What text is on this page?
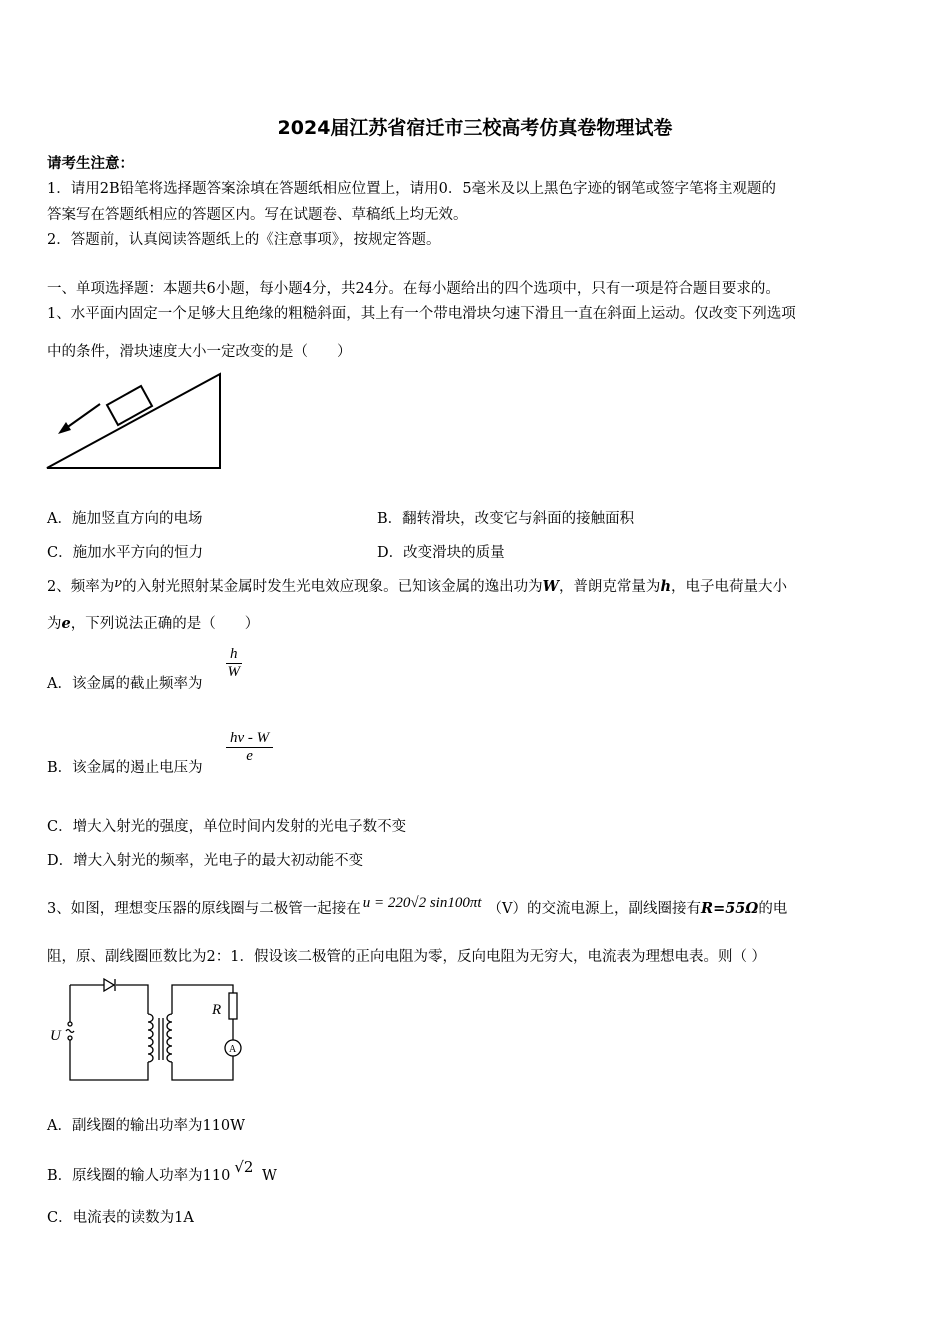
2024届江苏省宿迁市三校高考仿真卷物理试卷
请考生注意：
1．请用2B铅笔将选择题答案涂填在答题纸相应位置上，请用0．5毫米及以上黑色字迹的钢笔或签字笔将主观题的
答案写在答题纸相应的答题区内。写在试题卷、草稿纸上均无效。
2．答题前，认真阅读答题纸上的《注意事项》，按规定答题。
一、单项选择题：本题共6小题，每小题4分，共24分。在每小题给出的四个选项中，只有一项是符合题目要求的。
1、水平面内固定一个足够大且绝缘的粗糙斜面，其上有一个带电滑块匀速下滑且一直在斜面上运动。仅改变下列选项
中的条件，滑块速度大小一定改变的是（　　）
A．施加竖直方向的电场	B．翻转滑块，改变它与斜面的接触面积
C．施加水平方向的恒力	D．改变滑块的质量
2、频率为ν的入射光照射某金属时发生光电效应现象。已知该金属的逸出功为W，普朗克常量为h，电子电荷量大小
为e，下列说法正确的是（　　）
A．该金属的截止频率为
h
W
B．该金属的遏止电压为
hν - W
e
C．增大入射光的强度，单位时间内发射的光电子数不变
D．增大入射光的频率，光电子的最大初动能不变
3、如图，理想变压器的原线圈与二极管一起接在 u = 220√2 sin100πt （V）的交流电源上，副线圈接有R=55Ω的电
阻，原、副线圈匝数比为2：1．假设该二极管的正向电阻为零，反向电阻为无穷大，电流表为理想电表。则（ ）
U
R
A
A．副线圈的输出功率为110W
B．原线圈的输人功率为110 √2 W
C．电流表的读数为1A
